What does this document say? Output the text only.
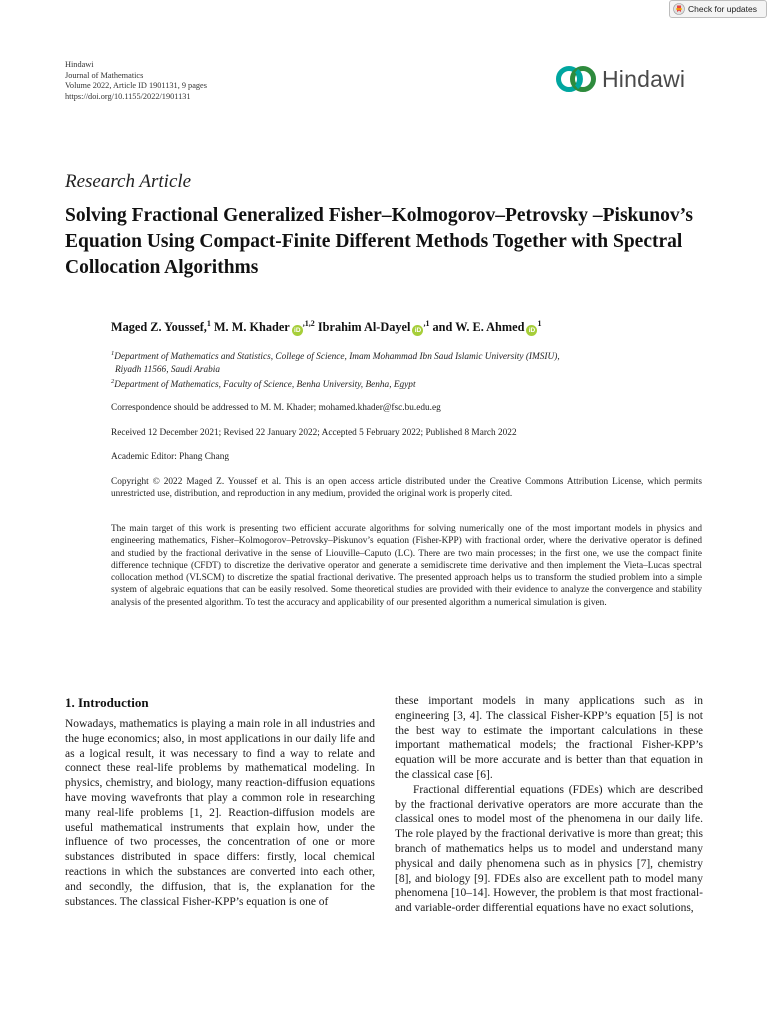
Check for updates
Hindawi
Journal of Mathematics
Volume 2022, Article ID 1901131, 9 pages
https://doi.org/10.1155/2022/1901131
Hindawi
Research Article
Solving Fractional Generalized Fisher–Kolmogorov–Petrovsky –Piskunov’s Equation Using Compact-Finite Different Methods Together with Spectral Collocation Algorithms
Maged Z. Youssef,$^1$ M. M. Khader $iD^{,1,2}$ Ibrahim Al-Dayel $iD^{,1}$ and W. E. Ahmed $iD^1$
$^1$Department of Mathematics and Statistics, College of Science, Imam Mohammad Ibn Saud Islamic University (IMSIU),
Riyadh 11566, Saudi Arabia
$^2$Department of Mathematics, Faculty of Science, Benha University, Benha, Egypt
Correspondence should be addressed to M. M. Khader; mohamed.khader@fsc.bu.edu.eg
Received 12 December 2021; Revised 22 January 2022; Accepted 5 February 2022; Published 8 March 2022
Academic Editor: Phang Chang
Copyright © 2022 Maged Z. Youssef et al. This is an open access article distributed under the Creative Commons Attribution License, which permits unrestricted use, distribution, and reproduction in any medium, provided the original work is properly cited.
The main target of this work is presenting two efficient accurate algorithms for solving numerically one of the most important models in physics and engineering mathematics, Fisher–Kolmogorov–Petrovsky–Piskunov’s equation (Fisher-KPP) with fractional order, where the derivative operator is defined and studied by the fractional derivative in the sense of Liouville–Caputo (LC). There are two main processes; in the first one, we use the compact finite difference technique (CFDT) to discretize the derivative operator and generate a semidiscrete time derivative and then implement the Vieta–Lucas spectral collocation method (VLSCM) to discretize the spatial fractional derivative. The presented approach helps us to transform the studied problem into a simple system of algebraic equations that can be easily resolved. Some theoretical studies are provided with their evidence to analyze the convergence and stability analysis of the presented algorithm. To test the accuracy and applicability of our presented algorithm a numerical simulation is given.
1. Introduction

Nowadays, mathematics is playing a main role in all industries and the huge economics; also, in most applications in our daily life and as a logical result, it was necessary to find a way to relate and connect these real-life problems by mathematical modeling. In physics, chemistry, and biology, many reaction-diffusion equations have moving wavefronts that play a common role in researching many real-life problems [1, 2]. Reaction-diffusion models are useful mathematical instruments that explain how, under the influence of two processes, the concentration of one or more substances distributed in space differs: firstly, local chemical reactions in which the substances are converted into each other, and secondly, the diffusion, that is, the explanation for the substances. The classical Fisher-KPP’s equation is one of

these important models in many applications such as in engineering [3, 4]. The classical Fisher-KPP’s equation [5] is not the best way to estimate the important calculations in these important mathematical models; the fractional Fisher-KPP’s equation will be more accurate and is better than that equation in the classical case [6].

Fractional differential equations (FDEs) which are described by the fractional derivative operators are more accurate than the classical ones to model most of the phenomena in our daily life. The role played by the fractional derivative is more than great; this branch of mathematics helps us to model and understand many physical and daily phenomena such as in physics [7], chemistry [8], and biology [9]. FDEs also are excellent path to model many phenomena [10–14]. However, the problem is that most fractional- and variable-order differential equations have no exact solutions,
